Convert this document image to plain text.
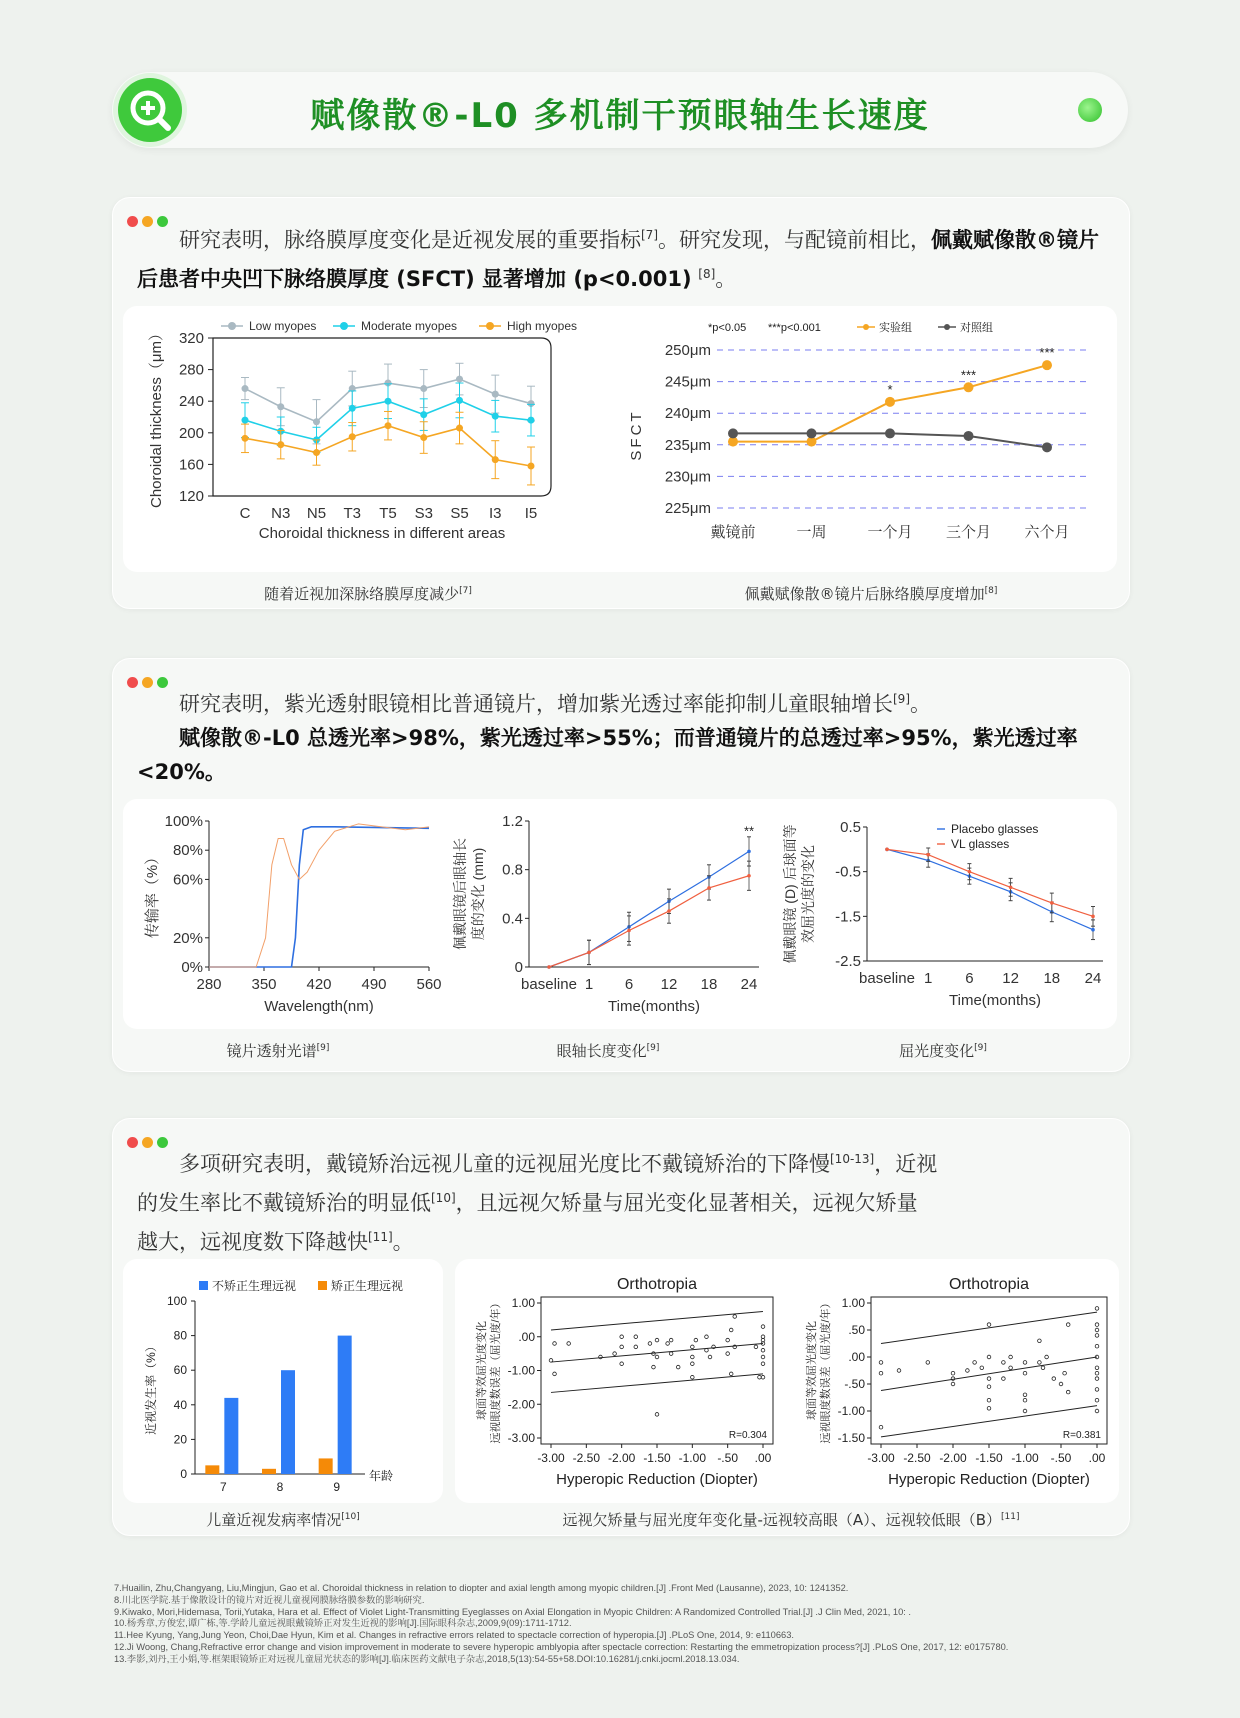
赋像散®-L0 多机制干预眼轴生长速度
研究表明，脉络膜厚度变化是近视发展的重要指标[7]。研究发现，与配镜前相比，佩戴赋像散®镜片后患者中央凹下脉络膜厚度 (SFCT) 显著增加 (p<0.001) [8]。
120
160
200
240
280
320
C N3 N5 T3 T5 S3 S5 I3 I5
Choroidal thickness in different areas
Choroidal thickness（μm）	Low myopes	Moderate myopes	High myopes
225μm
230μm
235μm
240μm
245μm
250μm
戴镜前	一周	一个月 三个月 六个月
SFCT
*p<0.05 ***p<0.001
*
***
***
实验组	对照组
随着近视加深脉络膜厚度减少[7]	佩戴赋像散®镜片后脉络膜厚度增加[8]
研究表明，紫光透射眼镜相比普通镜片，增加紫光透过率能抑制儿童眼轴增长[9]。
赋像散®-L0 总透光率>98%，紫光透过率>55%；而普通镜片的总透过率>95%，紫光透过率<20%。
0%
20%
60%
80%
100%
280 350 420 490 560
Wavelength(nm)
传输率（%）
0
0.4
0.8
1.2
baseline 1 6 12 18 24
Time(months)
**
佩戴眼镜后眼轴长 度的变化 (mm)
0.5
-0.5
-1.5
-2.5
baseline 1 6 12 18 24
Time(months)
佩戴眼镜 (D) 后球面等 效屈光度的变化
Placebo glasses
VL glasses
镜片透射光谱[9]	眼轴长度变化[9]	屈光度变化[9]
多项研究表明，戴镜矫治远视儿童的远视屈光度比不戴镜矫治的下降慢[10-13]，近视
的发生率比不戴镜矫治的明显低[10]，且远视欠矫量与屈光变化显著相关，远视欠矫量
越大，远视度数下降越快[11]。
0
20
40
60
80
100
7	8	9
年龄
近视发生率（%）
不矫正生理远视	矫正生理远视	Orthotropia
-3.00 -2.50 -2.00 -1.50 -1.00 -.50 .00
1.00
.00
-1.00
-2.00
-3.00
Hyperopic Reduction (Diopter)
球面等效屈光度变化 远视眼度数误差（屈光度/年）	R=0.304
Orthotropia
-3.00 -2.50 -2.00 -1.50 -1.00 -.50 .00
1.00
.50
.00
-.50
-1.00
-1.50
Hyperopic Reduction (Diopter)
球面等效屈光度变化 远视眼度数误差（屈光度/年）	R=0.381
儿童近视发病率情况[10]	远视欠矫量与屈光度年变化量-远视较高眼（A）、远视较低眼（B）[11]
7.Huailin, Zhu,Changyang, Liu,Mingjun, Gao et al. Choroidal thickness in relation to diopter and axial length among myopic children.[J] .Front Med (Lausanne), 2023, 10: 1241352.
8.川北医学院.基于像散设计的镜片对近视儿童视网膜脉络膜参数的影响研究.
9.Kiwako, Mori,Hidemasa, Torii,Yutaka, Hara et al. Effect of Violet Light-Transmitting Eyeglasses on Axial Elongation in Myopic Children: A Randomized Controlled Trial.[J] .J Clin Med, 2021, 10: .
10.杨秀章,方俊宏,谭广栋,等.学龄儿童远视眼戴镜矫正对发生近视的影响[J].国际眼科杂志,2009,9(09):1711-1712.
11.Hee Kyung, Yang,Jung Yeon, Choi,Dae Hyun, Kim et al. Changes in refractive errors related to spectacle correction of hyperopia.[J] .PLoS One, 2014, 9: e110663.
12.Ji Woong, Chang,Refractive error change and vision improvement in moderate to severe hyperopic amblyopia after spectacle correction: Restarting the emmetropization process?[J] .PLoS One, 2017, 12: e0175780.
13.李影,刘丹,王小娟,等.框架眼镜矫正对远视儿童屈光状态的影响[J].临床医药文献电子杂志,2018,5(13):54-55+58.DOI:10.16281/j.cnki.jocml.2018.13.034.
